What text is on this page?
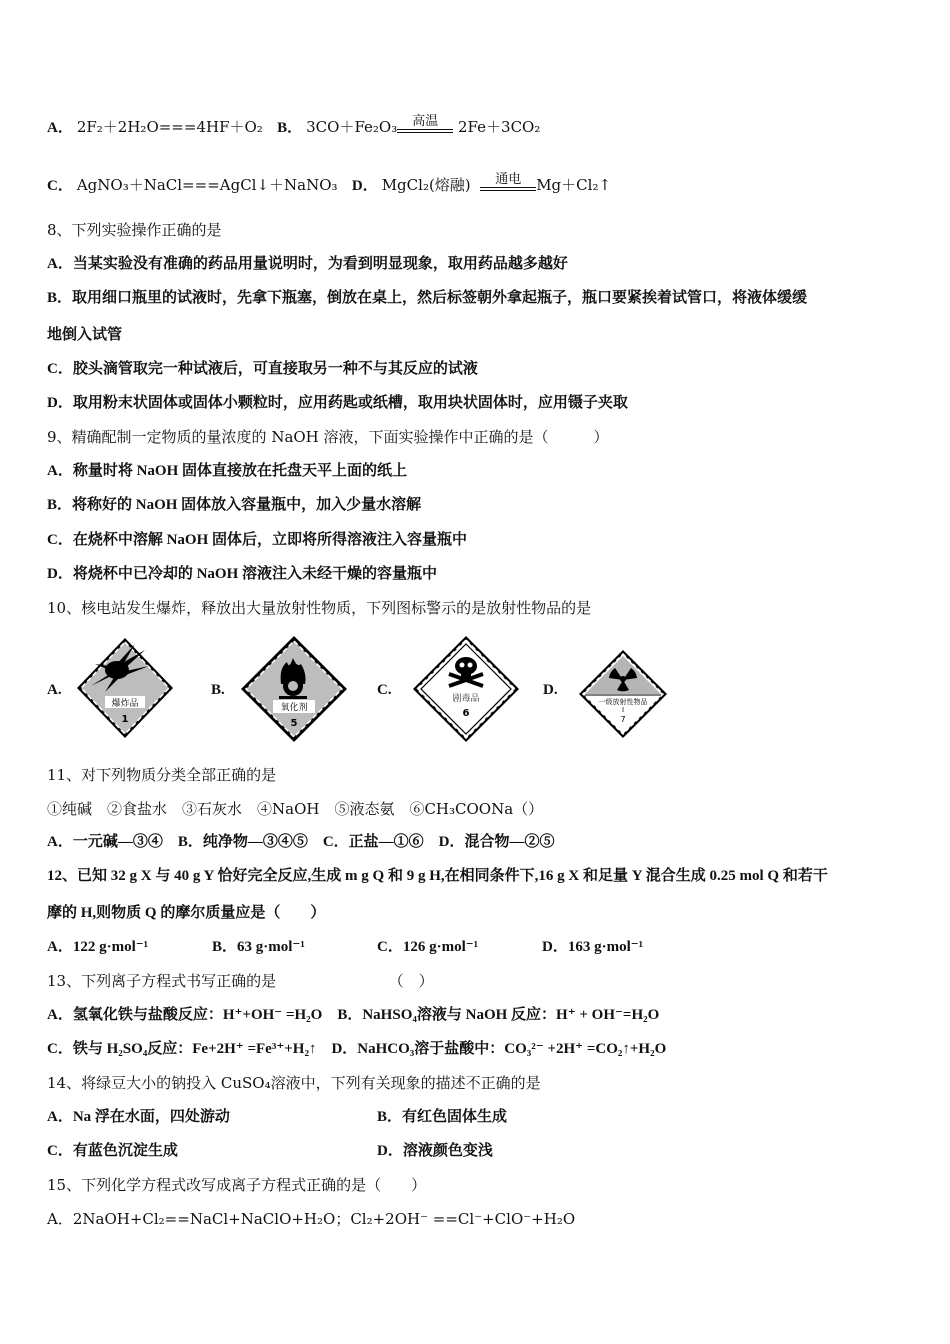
A． 2F₂＋2H₂O===4HF＋O₂ B． 3CO＋Fe₂O₃	高温	2Fe＋3CO₂
C． AgNO₃＋NaCl===AgCl↓＋NaNO₃ D． MgCl₂(熔融)	通电	Mg＋Cl₂↑
8、下列实验操作正确的是
A．当某实验没有准确的药品用量说明时，为看到明显现象，取用药品越多越好
B．取用细口瓶里的试液时，先拿下瓶塞，倒放在桌上，然后标签朝外拿起瓶子，瓶口要紧挨着试管口，将液体缓缓
地倒入试管
C．胶头滴管取完一种试液后，可直接取另一种不与其反应的试液
D．取用粉末状固体或固体小颗粒时，应用药匙或纸槽，取用块状固体时，应用镊子夹取
9、精确配制一定物质的量浓度的 NaOH 溶液，下面实验操作中正确的是（　　　）
A．称量时将 NaOH 固体直接放在托盘天平上面的纸上
B．将称好的 NaOH 固体放入容量瓶中，加入少量水溶解
C．在烧杯中溶解 NaOH 固体后，立即将所得溶液注入容量瓶中
D．将烧杯中已冷却的 NaOH 溶液注入未经干燥的容量瓶中
10、核电站发生爆炸，释放出大量放射性物质，下列图标警示的是放射性物品的是
A.
爆炸品
1
B.
氧化剂
5
C.
剧毒品
6
D.
一级放射性物品
I
7
11、对下列物质分类全部正确的是
①纯碱　②食盐水　③石灰水　④NaOH　⑤液态氨　⑥CH₃COONa（）
A．一元碱—③④　B．纯净物—③④⑤　C．正盐—①⑥　D．混合物—②⑤
12、已知 32 g X 与 40 g Y 恰好完全反应,生成 m g Q 和 9 g H,在相同条件下,16 g X 和足量 Y 混合生成 0.25 mol Q 和若干
摩的 H,则物质 Q 的摩尔质量应是（　　）
A．122 g·mol⁻¹	B．63 g·mol⁻¹	C．126 g·mol⁻¹	D．163 g·mol⁻¹
13、下列离子方程式书写正确的是　　　　　　　　（　）
A．氢氧化铁与盐酸反应：H⁺+OH⁻ =H₂O　B．NaHSO₄溶液与 NaOH 反应：H⁺ + OH⁻=H₂O
C．铁与 H₂SO₄反应：Fe+2H⁺ =Fe³⁺+H₂↑　D．NaHCO₃溶于盐酸中：CO₃²⁻ +2H⁺ =CO₂↑+H₂O
14、将绿豆大小的钠投入 CuSO₄溶液中，下列有关现象的描述不正确的是
A．Na 浮在水面，四处游动	B．有红色固体生成
C．有蓝色沉淀生成	D．溶液颜色变浅
15、下列化学方程式改写成离子方程式正确的是（　　）
A．2NaOH+Cl₂==NaCl+NaClO+H₂O；Cl₂+2OH⁻ ==Cl⁻+ClO⁻+H₂O
